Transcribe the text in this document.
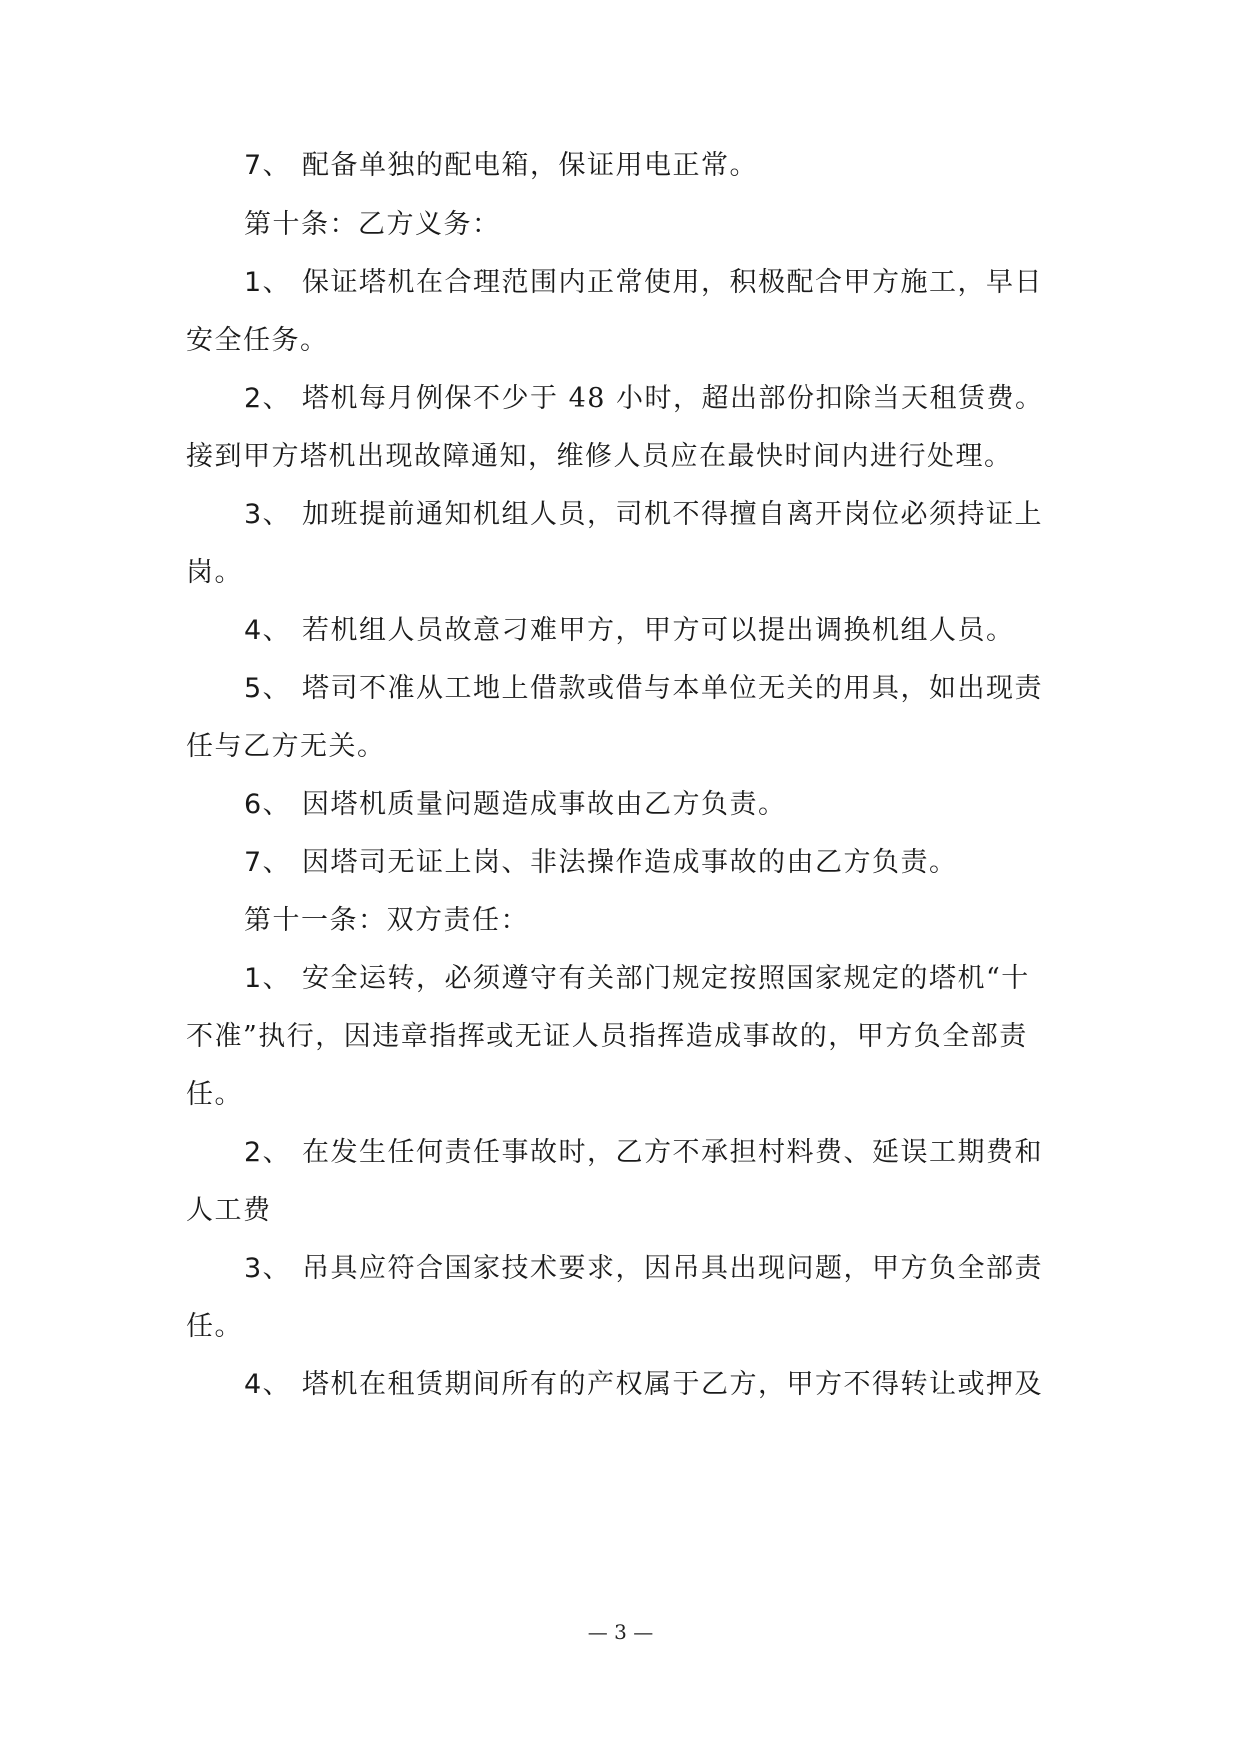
7、 配备单独的配电箱，保证用电正常。
第十条：乙方义务：
1、 保证塔机在合理范围内正常使用，积极配合甲方施工，早日
安全任务。
2、 塔机每月例保不少于 48 小时，超出部份扣除当天租赁费。
接到甲方塔机出现故障通知，维修人员应在最快时间内进行处理。
3、 加班提前通知机组人员，司机不得擅自离开岗位必须持证上
岗。
4、 若机组人员故意刁难甲方，甲方可以提出调换机组人员。
5、 塔司不准从工地上借款或借与本单位无关的用具，如出现责
任与乙方无关。
6、 因塔机质量问题造成事故由乙方负责。
7、 因塔司无证上岗、非法操作造成事故的由乙方负责。
第十一条：双方责任：
1、 安全运转，必须遵守有关部门规定按照国家规定的塔机“十
不准”执行，因违章指挥或无证人员指挥造成事故的，甲方负全部责
任。
2、 在发生任何责任事故时，乙方不承担村料费、延误工期费和
人工费
3、 吊具应符合国家技术要求，因吊具出现问题，甲方负全部责
任。
4、 塔机在租赁期间所有的产权属于乙方，甲方不得转让或押及
— 3 —
